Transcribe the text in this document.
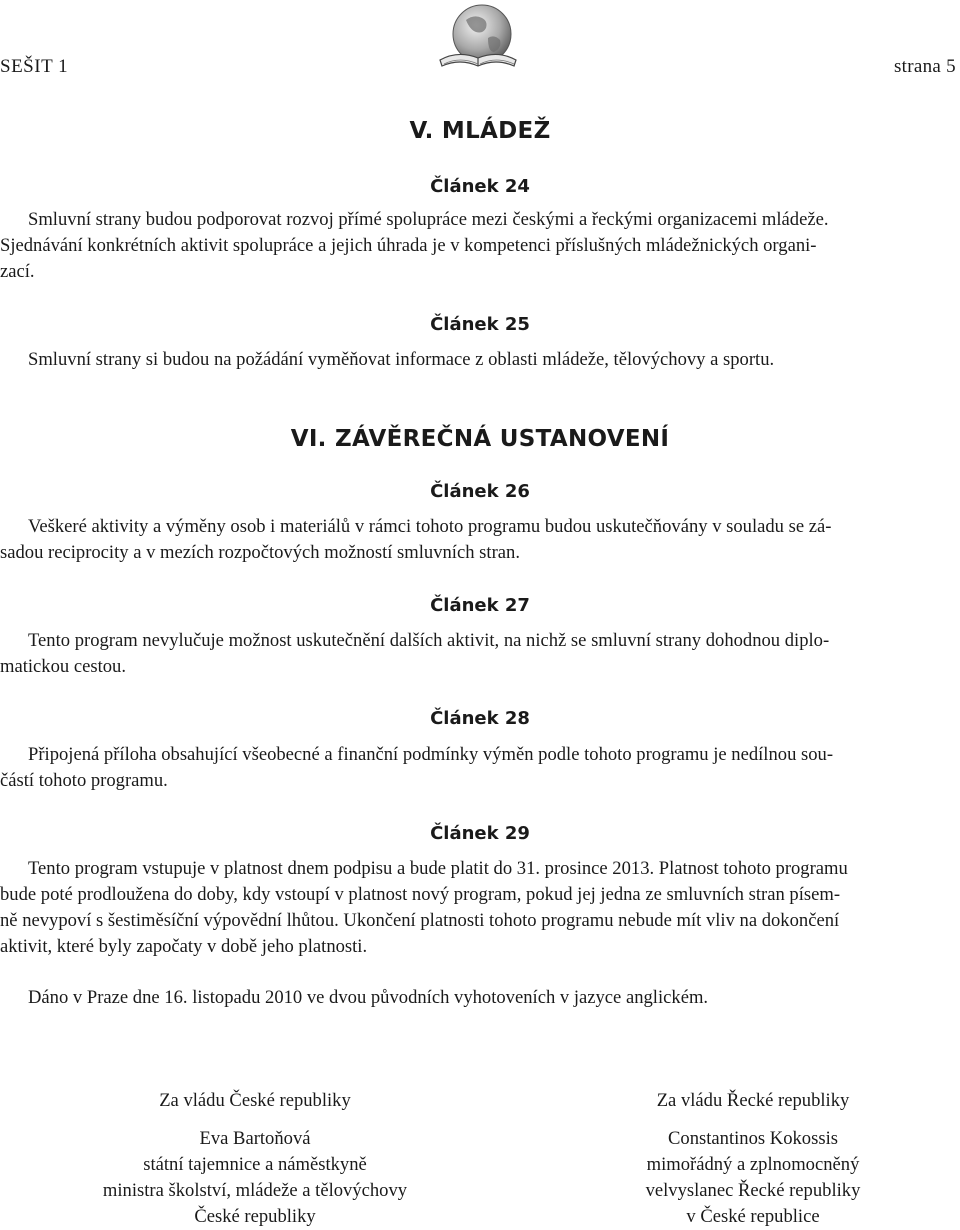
SEŠIT 1	strana 5
V. MLÁDEŽ
Článek 24
Smluvní strany budou podporovat rozvoj přímé spolupráce mezi českými a řeckými organizacemi mládeže.
Sjednávání konkrétních aktivit spolupráce a jejich úhrada je v kompetenci příslušných mládežnických organi-
zací.
Článek 25
Smluvní strany si budou na požádání vyměňovat informace z oblasti mládeže, tělovýchovy a sportu.
VI. ZÁVĚREČNÁ USTANOVENÍ
Článek 26
Veškeré aktivity a výměny osob i materiálů v rámci tohoto programu budou uskutečňovány v souladu se zá-
sadou reciprocity a v mezích rozpočtových možností smluvních stran.
Článek 27
Tento program nevylučuje možnost uskutečnění dalších aktivit, na nichž se smluvní strany dohodnou diplo-
matickou cestou.
Článek 28
Připojená příloha obsahující všeobecné a finanční podmínky výměn podle tohoto programu je nedílnou sou-
částí tohoto programu.
Článek 29
Tento program vstupuje v platnost dnem podpisu a bude platit do 31. prosince 2013. Platnost tohoto programu
bude poté prodloužena do doby, kdy vstoupí v platnost nový program, pokud jej jedna ze smluvních stran písem-
ně nevypoví s šestiměsíční výpovědní lhůtou. Ukončení platnosti tohoto programu nebude mít vliv na dokončení
aktivit, které byly započaty v době jeho platnosti.
Dáno v Praze dne 16. listopadu 2010 ve dvou původních vyhotoveních v jazyce anglickém.
Za vládu České republiky
Eva Bartoňová
státní tajemnice a náměstkyně
ministra školství, mládeže a tělovýchovy
České republiky
Za vládu Řecké republiky
Constantinos Kokossis
mimořádný a zplnomocněný
velvyslanec Řecké republiky
v České republice
